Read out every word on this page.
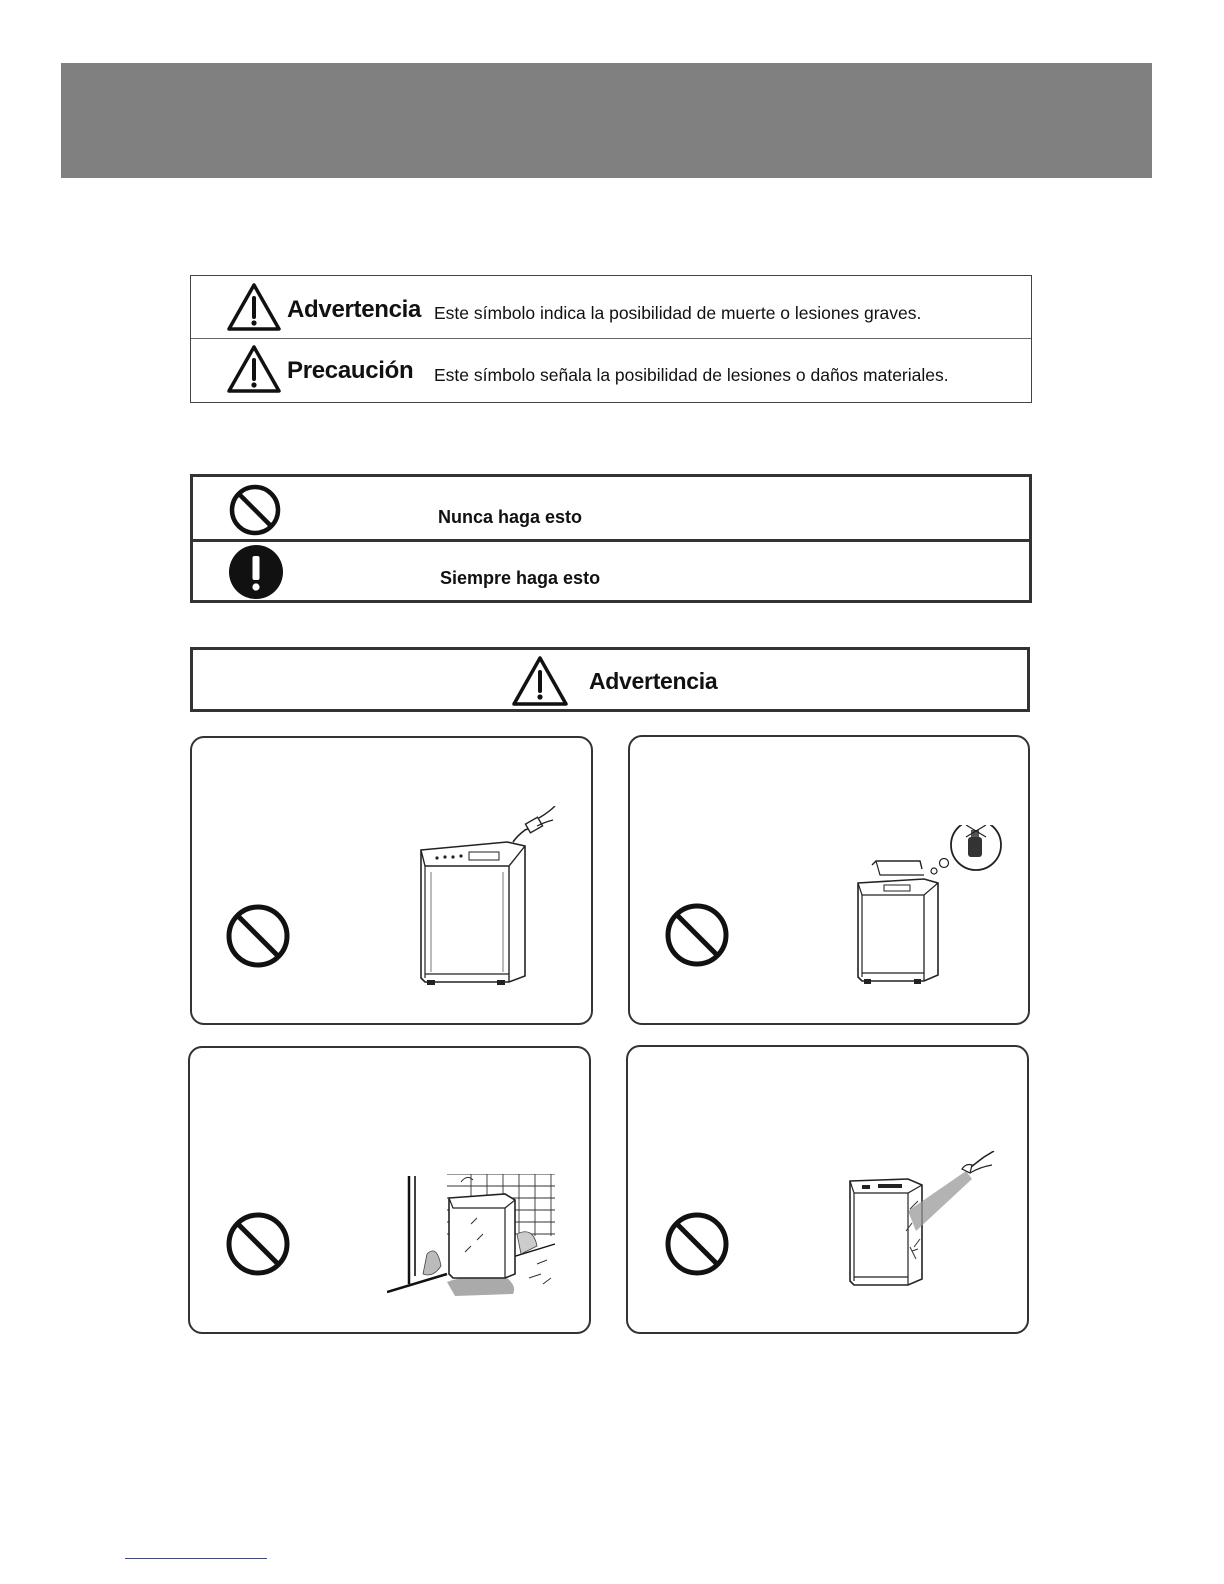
Advertencia Este símbolo indica la posibilidad de muerte o lesiones graves.
Precaución Este símbolo señala la posibilidad de lesiones o daños materiales.
Nunca haga esto
Siempre haga esto
Advertencia
